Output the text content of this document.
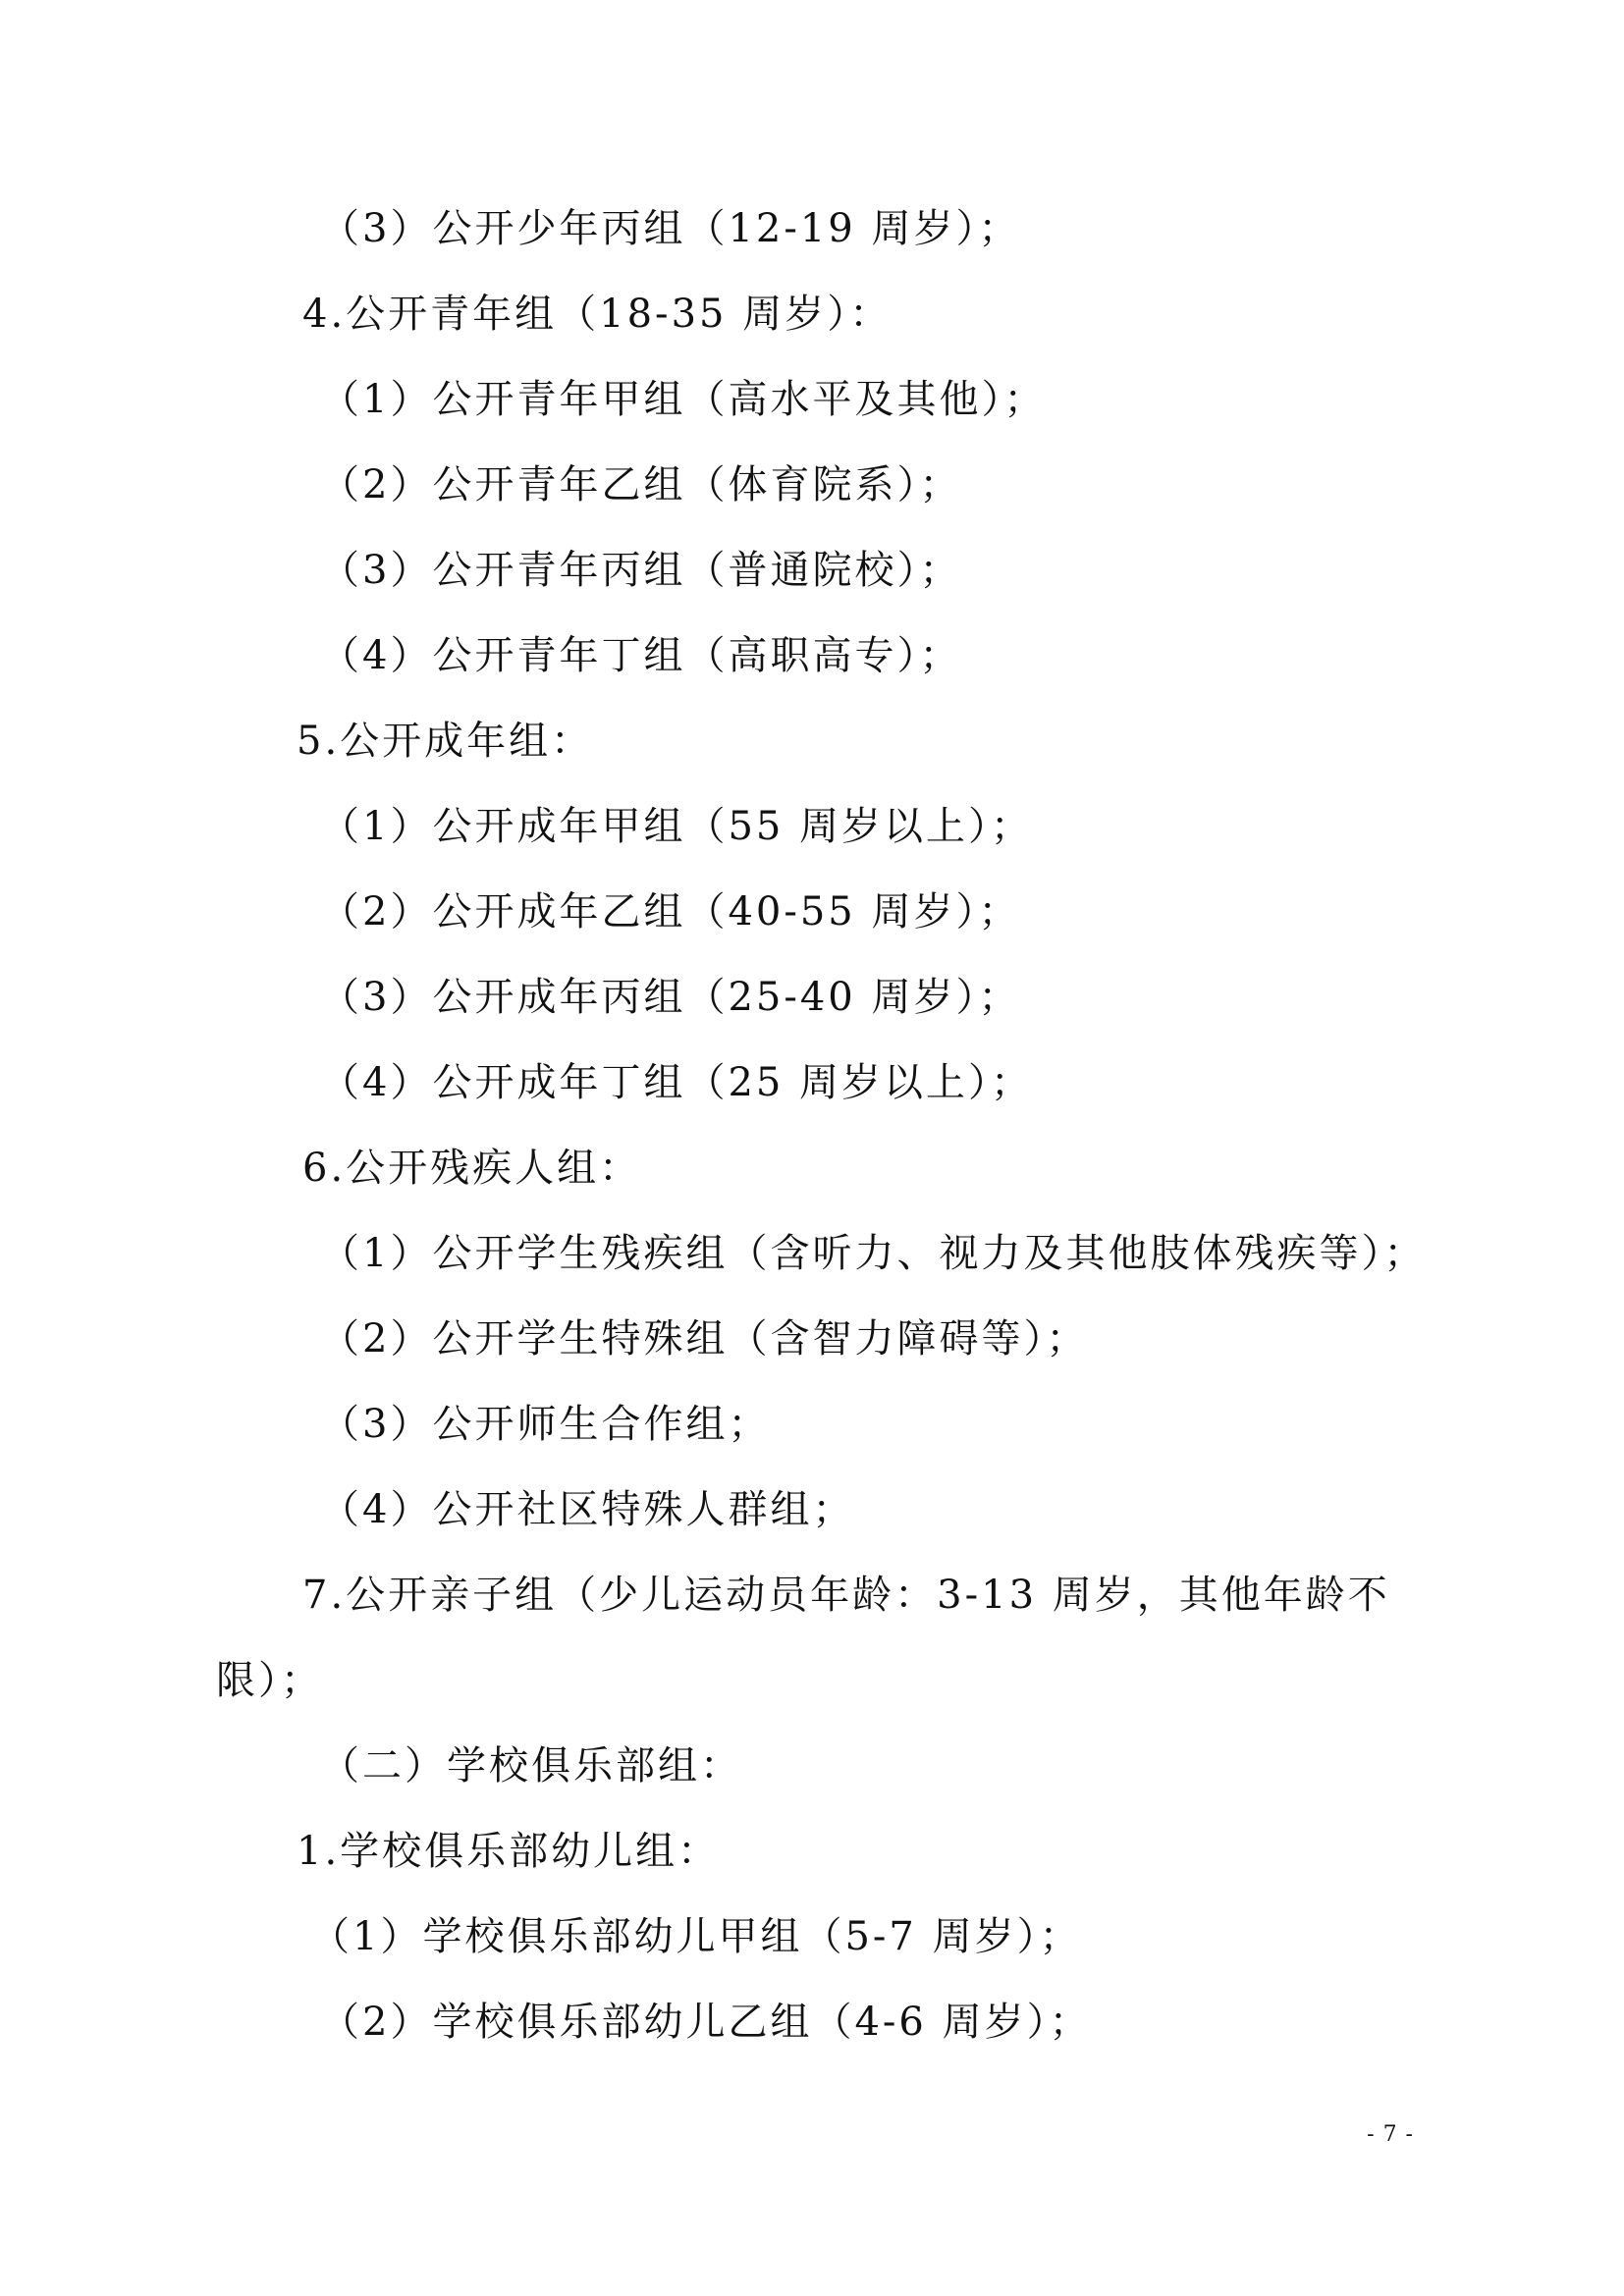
（3）公开少年丙组（12-19 周岁）；
4.公开青年组（18-35 周岁）：
（1）公开青年甲组（高水平及其他）；
（2）公开青年乙组（体育院系）；
（3）公开青年丙组（普通院校）；
（4）公开青年丁组（高职高专）；
5.公开成年组：
（1）公开成年甲组（55 周岁以上）；
（2）公开成年乙组（40-55 周岁）；
（3）公开成年丙组（25-40 周岁）；
（4）公开成年丁组（25 周岁以上）；
6.公开残疾人组：
（1）公开学生残疾组（含听力、视力及其他肢体残疾等）；
（2）公开学生特殊组（含智力障碍等）；
（3）公开师生合作组；
（4）公开社区特殊人群组；
7.公开亲子组（少儿运动员年龄：3-13 周岁，其他年龄不
限）；
（二）学校俱乐部组：
1.学校俱乐部幼儿组：
（1）学校俱乐部幼儿甲组（5-7 周岁）；
（2）学校俱乐部幼儿乙组（4-6 周岁）；
- 7 -
